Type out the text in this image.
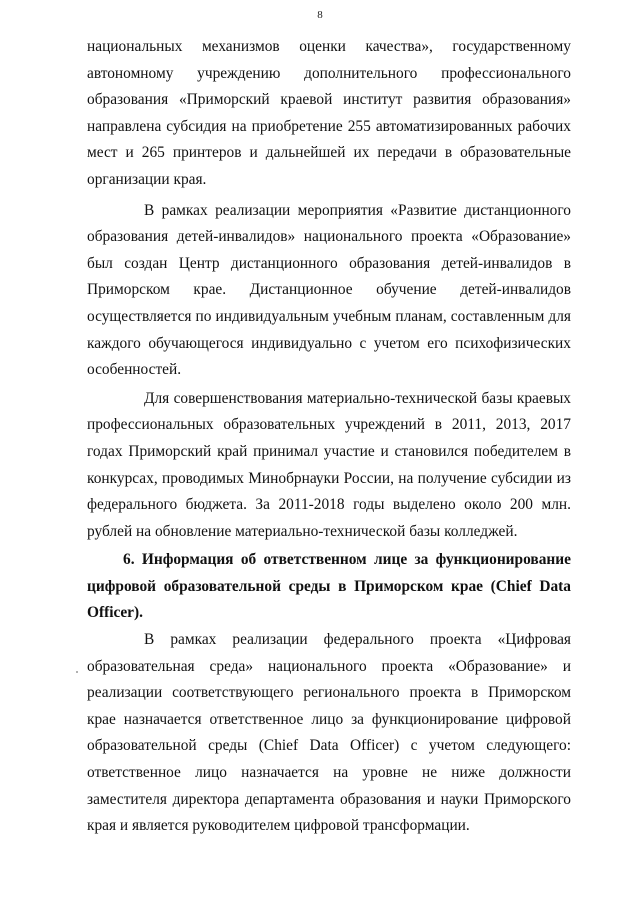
8

национальных механизмов оценки качества», государственному автономному учреждению дополнительного профессионального образования «Приморский краевой институт развития образования» направлена субсидия на приобретение 255 автоматизированных рабочих мест и 265 принтеров и дальнейшей их передачи в образовательные организации края.

В рамках реализации мероприятия «Развитие дистанционного образования детей-инвалидов» национального проекта «Образование» был создан Центр дистанционного образования детей-инвалидов в Приморском крае. Дистанционное обучение детей-инвалидов осуществляется по индивидуальным учебным планам, составленным для каждого обучающегося индивидуально с учетом его психофизических особенностей.

Для совершенствования материально-технической базы краевых профессиональных образовательных учреждений в 2011, 2013, 2017 годах Приморский край принимал участие и становился победителем в конкурсах, проводимых Минобрнауки России, на получение субсидии из федерального бюджета. За 2011-2018 годы выделено около 200 млн. рублей на обновление материально-технической базы колледжей.

6. Информация об ответственном лице за функционирование цифровой образовательной среды в Приморском крае (Chief Data Officer).

В рамках реализации федерального проекта «Цифровая образовательная среда» национального проекта «Образование» и реализации соответствующего регионального проекта в Приморском крае назначается ответственное лицо за функционирование цифровой образовательной среды (Chief Data Officer) с учетом следующего: ответственное лицо назначается на уровне не ниже должности заместителя директора департамента образования и науки Приморского края и является руководителем цифровой трансформации.
